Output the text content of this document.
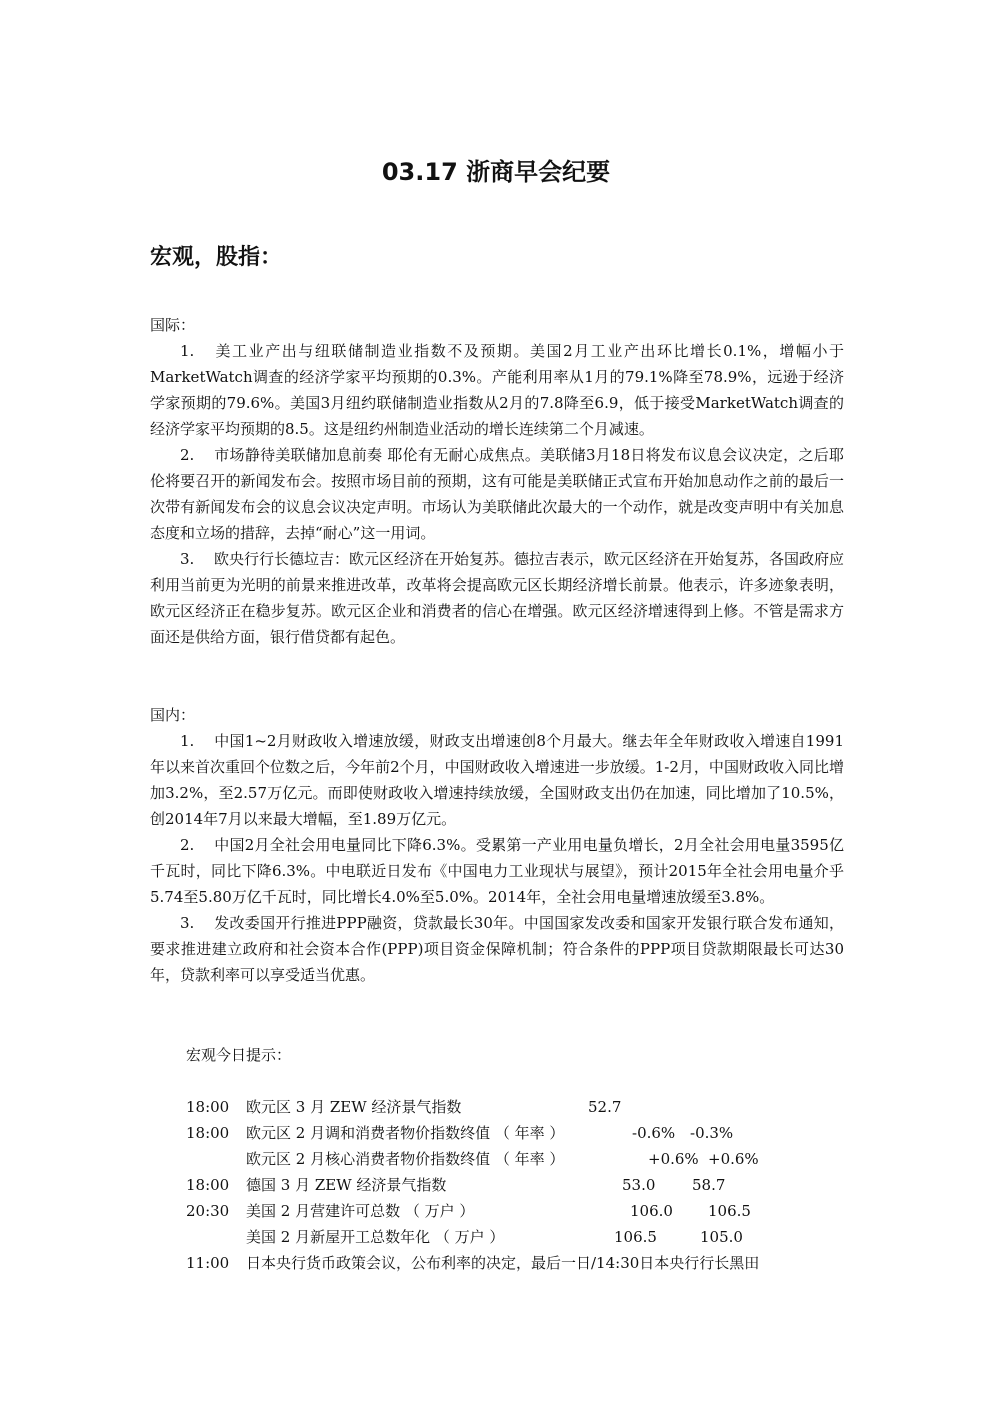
03.17 浙商早会纪要
宏观，股指：
国际：

1. 美工业产出与纽联储制造业指数不及预期。美国2月工业产出环比增长0.1%，增幅小于MarketWatch调查的经济学家平均预期的0.3%。产能利用率从1月的79.1%降至78.9%，远逊于经济学家预期的79.6%。美国3月纽约联储制造业指数从2月的7.8降至6.9，低于接受MarketWatch调查的经济学家平均预期的8.5。这是纽约州制造业活动的增长连续第二个月减速。

2. 市场静待美联储加息前奏 耶伦有无耐心成焦点。美联储3月18日将发布议息会议决定，之后耶伦将要召开的新闻发布会。按照市场目前的预期，这有可能是美联储正式宣布开始加息动作之前的最后一次带有新闻发布会的议息会议决定声明。市场认为美联储此次最大的一个动作，就是改变声明中有关加息态度和立场的措辞，去掉“耐心”这一用词。

3. 欧央行行长德垃吉：欧元区经济在开始复苏。德拉吉表示，欧元区经济在开始复苏，各国政府应利用当前更为光明的前景来推进改革，改革将会提高欧元区长期经济增长前景。他表示，许多迹象表明，欧元区经济正在稳步复苏。欧元区企业和消费者的信心在增强。欧元区经济增速得到上修。不管是需求方面还是供给方面，银行借贷都有起色。

国内：

1. 中国1~2月财政收入增速放缓，财政支出增速创8个月最大。继去年全年财政收入增速自1991年以来首次重回个位数之后，今年前2个月，中国财政收入增速进一步放缓。1-2月，中国财政收入同比增加3.2%，至2.57万亿元。而即使财政收入增速持续放缓，全国财政支出仍在加速，同比增加了10.5%，创2014年7月以来最大增幅，至1.89万亿元。

2. 中国2月全社会用电量同比下降6.3%。受累第一产业用电量负增长，2月全社会用电量3595亿千瓦时，同比下降6.3%。中电联近日发布《中国电力工业现状与展望》，预计2015年全社会用电量介乎5.74至5.80万亿千瓦时，同比增长4.0%至5.0%。2014年，全社会用电量增速放缓至3.8%。

3. 发改委国开行推进PPP融资，贷款最长30年。中国国家发改委和国家开发银行联合发布通知，要求推进建立政府和社会资本合作(PPP)项目资金保障机制；符合条件的PPP项目贷款期限最长可达30年，贷款利率可以享受适当优惠。

宏观今日提示：
18:00 欧元区 3 月 ZEW 经济景气指数	52.7
18:00 欧元区 2 月调和消费者物价指数终值 （ 年率 ）	-0.6% -0.3%
欧元区 2 月核心消费者物价指数终值 （ 年率 ）	+0.6% +0.6%
18:00 德国 3 月 ZEW 经济景气指数	53.0 58.7
20:30 美国 2 月营建许可总数 （ 万户 ）	106.0 106.5
美国 2 月新屋开工总数年化 （ 万户 ）	106.5	105.0
11:00 日本央行货币政策会议，公布利率的决定，最后一日/14:30日本央行行长黑田
